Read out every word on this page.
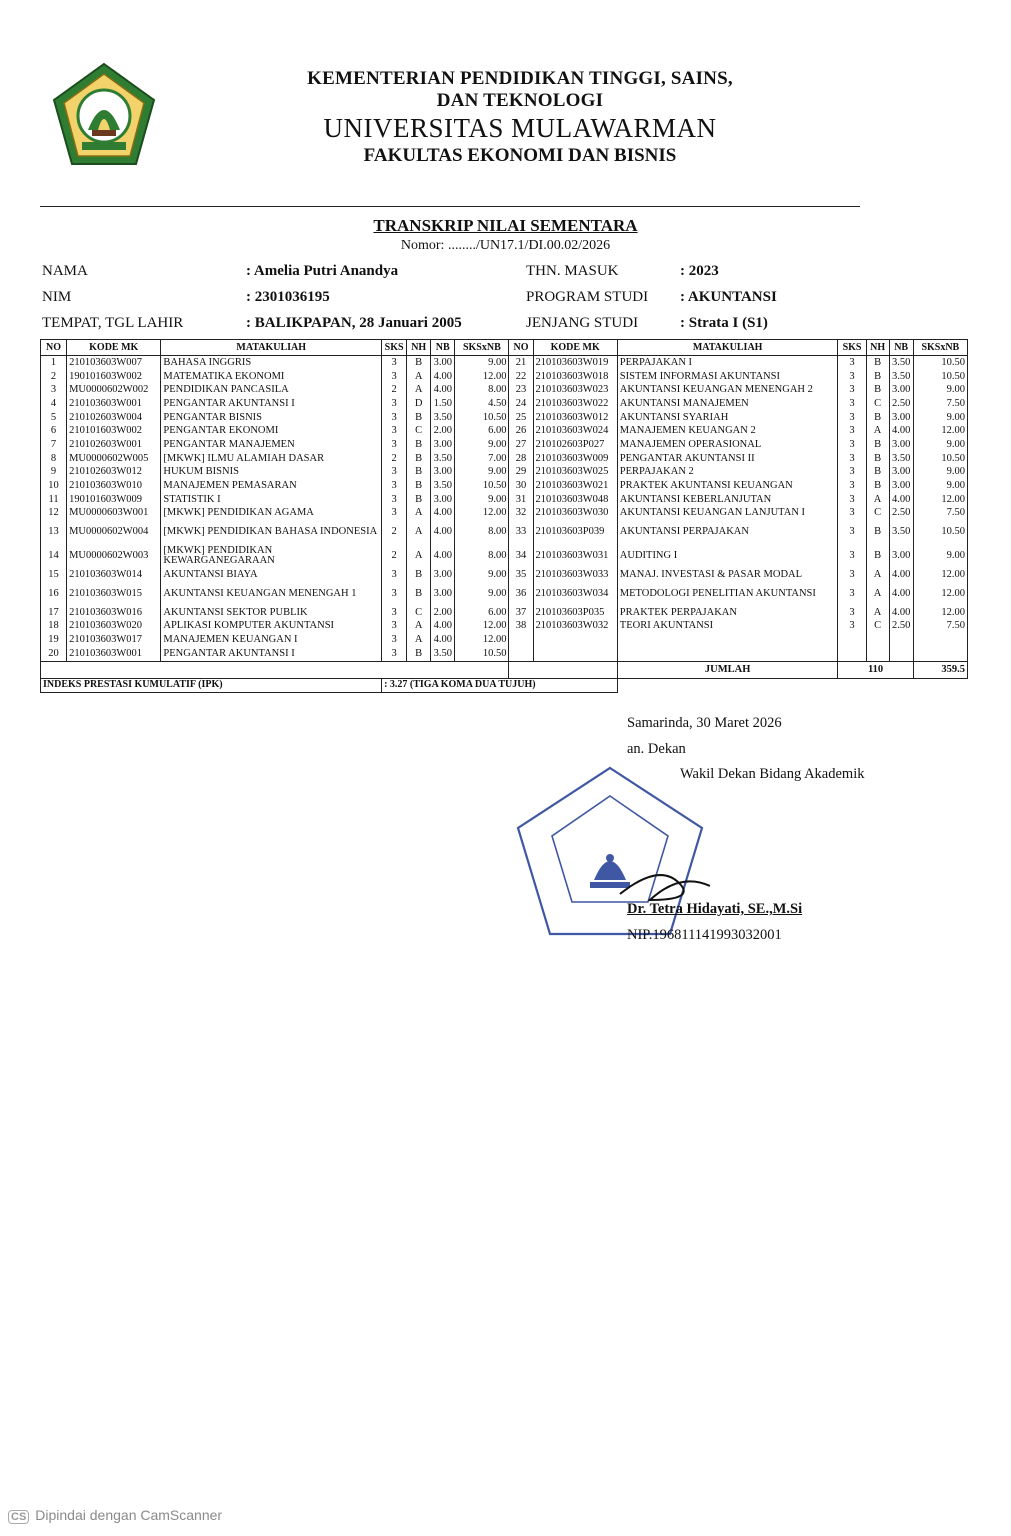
KEMENTERIAN PENDIDIKAN TINGGI, SAINS,
DAN TEKNOLOGI
UNIVERSITAS MULAWARMAN
FAKULTAS EKONOMI DAN BISNIS
TRANSKRIP NILAI SEMENTARA
Nomor: ......../UN17.1/DI.00.02/2026
NAMA	: Amelia Putri Anandya
NIM	: 2301036195
TEMPAT, TGL LAHIR	: BALIKPAPAN, 28 Januari 2005
THN. MASUK	: 2023
PROGRAM STUDI : AKUNTANSI
JENJANG STUDI	: Strata I (S1)
NO	KODE MK	MATAKULIAH	SKS	NH	NB	SKSxNB	NO	KODE MK	MATAKULIAH	SKS	NH	NB	SKSxNB
1	210103603W007	BAHASA INGGRIS	3	B	3.00	9.00	21	210103603W019	PERPAJAKAN I	3	B	3.50	10.50
2	190101603W002	MATEMATIKA EKONOMI	3	A	4.00	12.00	22	210103603W018	SISTEM INFORMASI AKUNTANSI	3	B	3.50	10.50
3	MU0000602W002	PENDIDIKAN PANCASILA	2	A	4.00	8.00	23	210103603W023	AKUNTANSI KEUANGAN MENENGAH 2	3	B	3.00	9.00
4	210103603W001	PENGANTAR AKUNTANSI I	3	D	1.50	4.50	24	210103603W022	AKUNTANSI MANAJEMEN	3	C	2.50	7.50
5	210102603W004	PENGANTAR BISNIS	3	B	3.50	10.50	25	210103603W012	AKUNTANSI SYARIAH	3	B	3.00	9.00
6	210101603W002	PENGANTAR EKONOMI	3	C	2.00	6.00	26	210103603W024	MANAJEMEN KEUANGAN 2	3	A	4.00	12.00
7	210102603W001	PENGANTAR MANAJEMEN	3	B	3.00	9.00	27	210102603P027	MANAJEMEN OPERASIONAL	3	B	3.00	9.00
8	MU0000602W005	[MKWK] ILMU ALAMIAH DASAR	2	B	3.50	7.00	28	210103603W009	PENGANTAR AKUNTANSI II	3	B	3.50	10.50
9	210102603W012	HUKUM BISNIS	3	B	3.00	9.00	29	210103603W025	PERPAJAKAN 2	3	B	3.00	9.00
10	210103603W010	MANAJEMEN PEMASARAN	3	B	3.50	10.50	30	210103603W021	PRAKTEK AKUNTANSI KEUANGAN	3	B	3.00	9.00
11	190101603W009	STATISTIK I	3	B	3.00	9.00	31	210103603W048	AKUNTANSI KEBERLANJUTAN	3	A	4.00	12.00
12	MU0000603W001	[MKWK] PENDIDIKAN AGAMA	3	A	4.00	12.00	32	210103603W030	AKUNTANSI KEUANGAN LANJUTAN I	3	C	2.50	7.50
13	MU0000602W004	[MKWK] PENDIDIKAN BAHASA INDONESIA	2	A	4.00	8.00	33	210103603P039	AKUNTANSI PERPAJAKAN	3	B	3.50	10.50
14	MU0000602W003	[MKWK] PENDIDIKAN KEWARGANEGARAAN	2	A	4.00	8.00	34	210103603W031	AUDITING I	3	B	3.00	9.00
15	210103603W014	AKUNTANSI BIAYA	3	B	3.00	9.00	35	210103603W033	MANAJ. INVESTASI & PASAR MODAL	3	A	4.00	12.00
16	210103603W015	AKUNTANSI KEUANGAN MENENGAH 1	3	B	3.00	9.00	36	210103603W034	METODOLOGI PENELITIAN AKUNTANSI	3	A	4.00	12.00
17	210103603W016	AKUNTANSI SEKTOR PUBLIK	3	C	2.00	6.00	37	210103603P035	PRAKTEK PERPAJAKAN	3	A	4.00	12.00
18	210103603W020	APLIKASI KOMPUTER AKUNTANSI	3	A	4.00	12.00	38	210103603W032	TEORI AKUNTANSI	3	C	2.50	7.50
19	210103603W017	MANAJEMEN KEUANGAN I	3	A	4.00	12.00							
20	210103603W001	PENGANTAR AKUNTANSI I	3	B	3.50	10.50							
									JUMLAH	110			359.5
INDEKS PRESTASI KUMULATIF (IPK)			: 3.27 (TIGA KOMA DUA TUJUH)										
Samarinda, 30 Maret 2026
an. Dekan
Wakil Dekan Bidang Akademik
Dr. Tetra Hidayati, SE.,M.Si
NIP.196811141993032001
CS Dipindai dengan CamScanner
